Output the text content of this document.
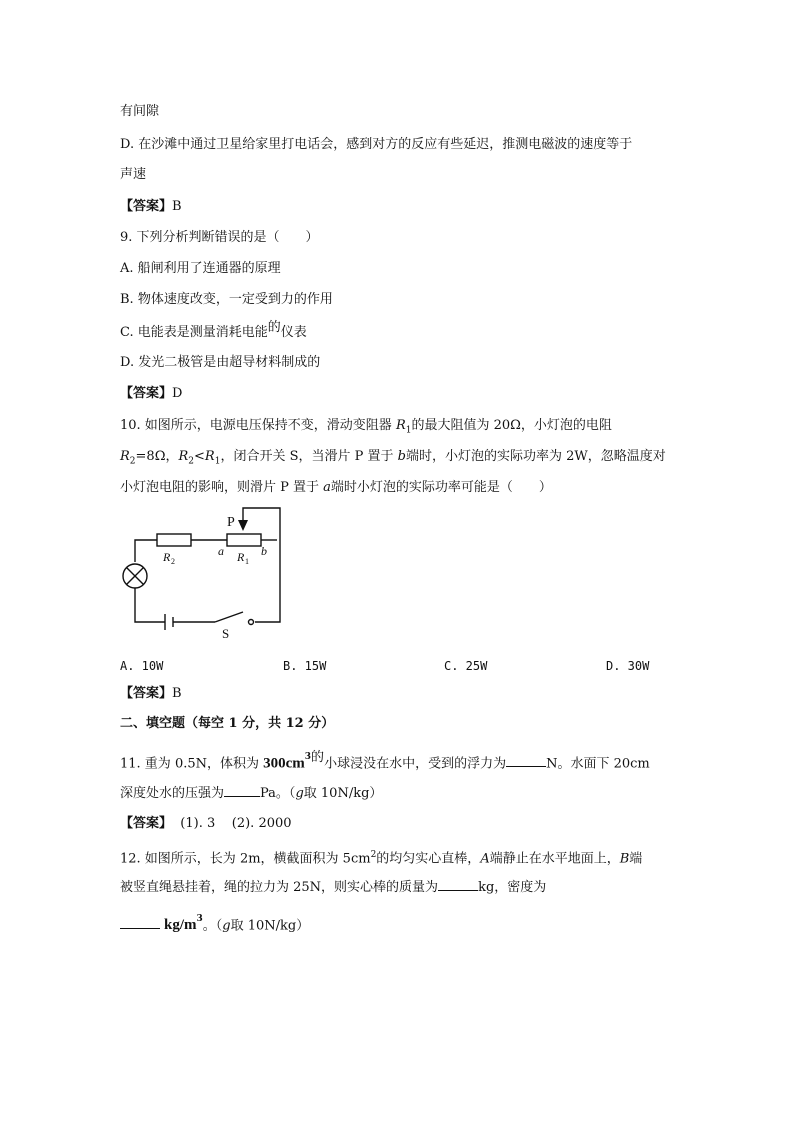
有间隙
D. 在沙滩中通过卫星给家里打电话会，感到对方的反应有些延迟，推测电磁波的速度等于
声速
【答案】B
9. 下列分析判断错误的是（　　）
A. 船闸利用了连通器的原理
B. 物体速度改变，一定受到力的作用
C. 电能表是测量消耗电能的仪表
D. 发光二极管是由超导材料制成的
【答案】D
10. 如图所示，电源电压保持不变，滑动变阻器 $R_1$的最大阻值为 20Ω，小灯泡的电阻
$R_2=8\Omega$，$R_2<R_1$，闭合开关 S，当滑片 P 置于 b端时，小灯泡的实际功率为 2W，忽略温度对
小灯泡电阻的影响，则滑片 P 置于 a端时小灯泡的实际功率可能是（　　）
P
R 2
a R 1
b
S
A. 10W	B. 15W	C. 25W	D. 30W
【答案】B
二、填空题（每空 1 分，共 12 分）
11. 重为 0.5N，体积为 $300cm^3$的小球浸没在水中，受到的浮力为	N。水面下 20cm
深度处水的压强为	Pa。（g取 10N/kg）
【答案】  (1). 3    (2). 2000
12. 如图所示，长为 2m，横截面积为 $5cm^2$的均匀实心直棒，A端静止在水平地面上，B端
被竖直绳悬挂着，绳的拉力为 25N，则实心棒的质量为	kg，密度为
$kg/m^3$。（g取 10N/kg）
